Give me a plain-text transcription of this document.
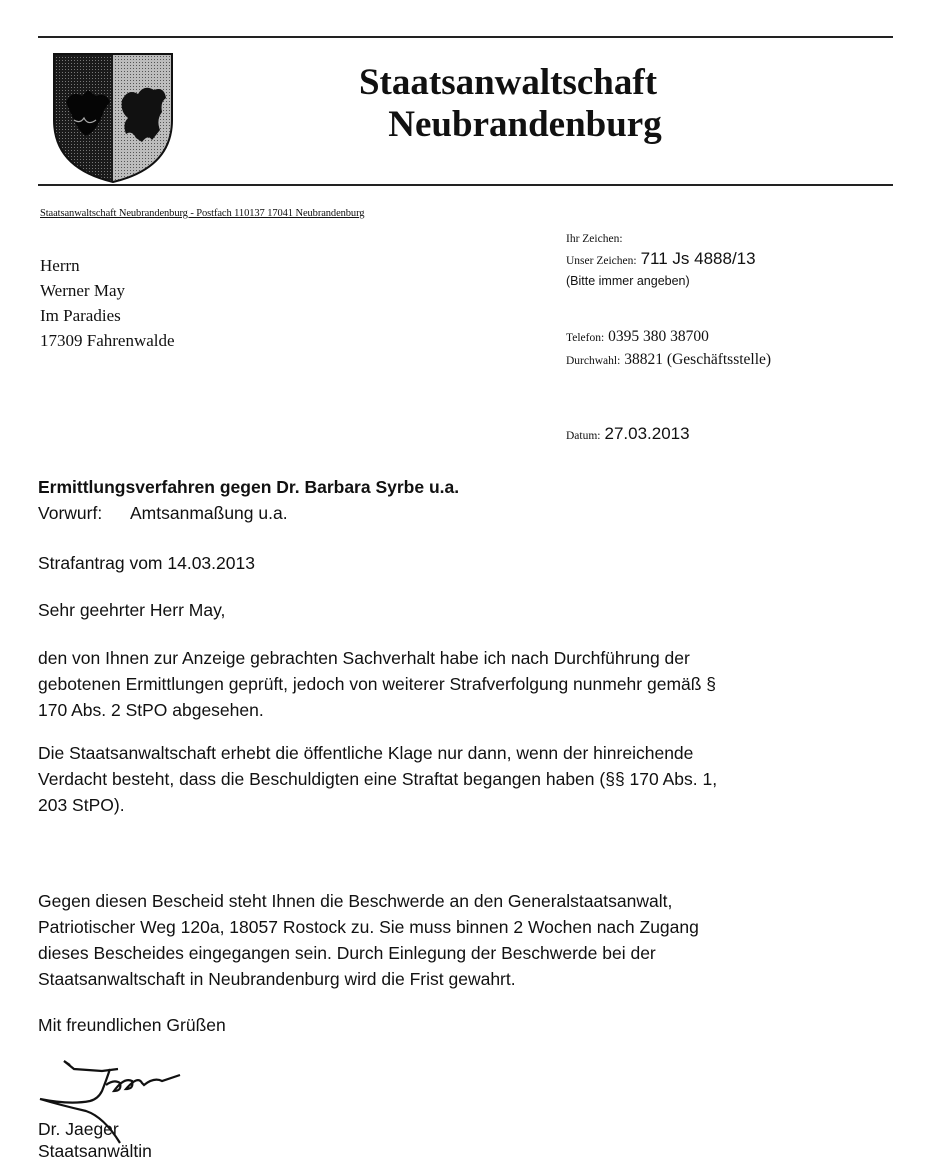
Staatsanwaltschaft
Neubrandenburg
Staatsanwaltschaft Neubrandenburg - Postfach 110137 17041 Neubrandenburg
Herrn
Werner May
Im Paradies
17309 Fahrenwalde
Ihr Zeichen:
Unser Zeichen: 711 Js 4888/13
(Bitte immer angeben)
Telefon: 0395 380 38700
Durchwahl: 38821 (Geschäftsstelle)
Datum: 27.03.2013
Ermittlungsverfahren gegen Dr. Barbara Syrbe u.a.
Vorwurf: Amtsanmaßung u.a.
Strafantrag vom 14.03.2013
Sehr geehrter Herr May,
den von Ihnen zur Anzeige gebrachten Sachverhalt habe ich nach Durchführung der
gebotenen Ermittlungen geprüft, jedoch von weiterer Strafverfolgung nunmehr gemäß §
170 Abs. 2 StPO abgesehen.
Die Staatsanwaltschaft erhebt die öffentliche Klage nur dann, wenn der hinreichende
Verdacht besteht, dass die Beschuldigten eine Straftat begangen haben (§§ 170 Abs. 1,
203 StPO).
Gegen diesen Bescheid steht Ihnen die Beschwerde an den Generalstaatsanwalt,
Patriotischer Weg 120a, 18057 Rostock zu. Sie muss binnen 2 Wochen nach Zugang
dieses Bescheides eingegangen sein. Durch Einlegung der Beschwerde bei der
Staatsanwaltschaft in Neubrandenburg wird die Frist gewahrt.
Mit freundlichen Grüßen
Dr. Jaeger
Staatsanwältin
